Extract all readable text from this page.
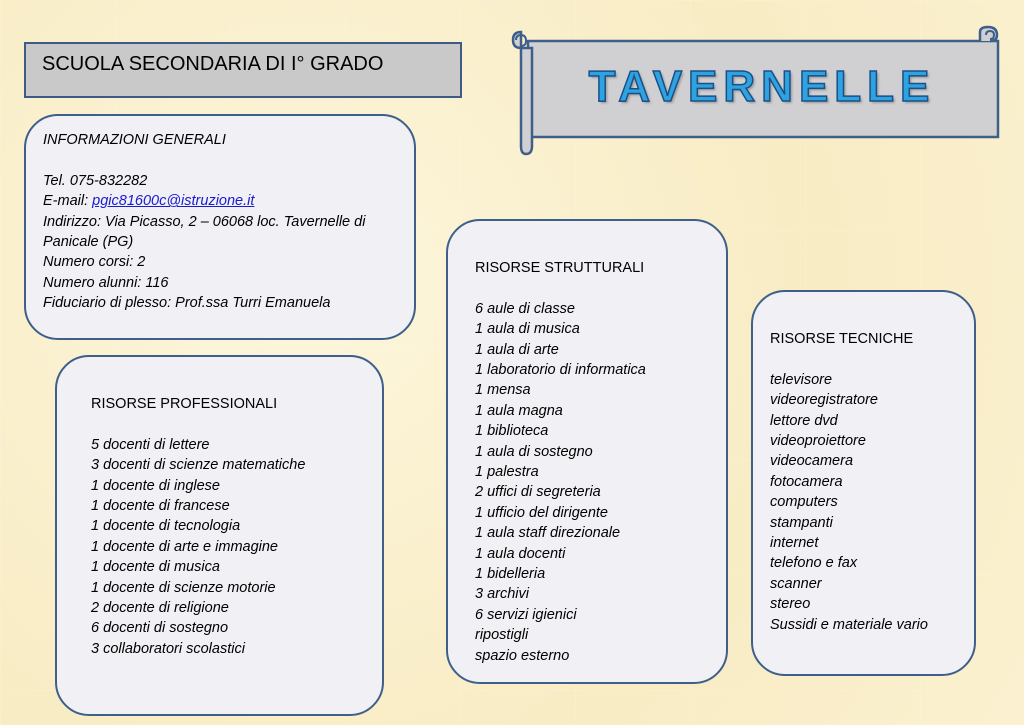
SCUOLA SECONDARIA DI I° GRADO	TAVERNELLE
INFORMAZIONI GENERALI
Tel. 075-832282
E-mail: pgic81600c@istruzione.it
Indirizzo: Via Picasso, 2 – 06068 loc. Tavernelle di Panicale (PG)
Numero corsi: 2
Numero alunni: 116
Fiduciario di plesso: Prof.ssa Turri Emanuela
RISORSE PROFESSIONALI
5 docenti di lettere
3 docenti di scienze matematiche
1 docente di inglese
1 docente di francese
1 docente di tecnologia
1 docente di arte e immagine
1 docente di musica
1 docente di scienze motorie
2 docente di religione
6 docenti di sostegno
3 collaboratori scolastici
RISORSE STRUTTURALI
6 aule di classe
1 aula di musica
1 aula di arte
1 laboratorio di informatica
1 mensa
1 aula magna
1 biblioteca
1 aula di sostegno
1 palestra
2 uffici di segreteria
1 ufficio del dirigente
1 aula staff direzionale
1 aula docenti
1 bidelleria
3 archivi
6 servizi igienici
ripostigli
spazio esterno
RISORSE TECNICHE
televisore
videoregistratore
lettore dvd
videoproiettore
videocamera
fotocamera
computers
stampanti
internet
telefono e fax
scanner
stereo
Sussidi e materiale vario
